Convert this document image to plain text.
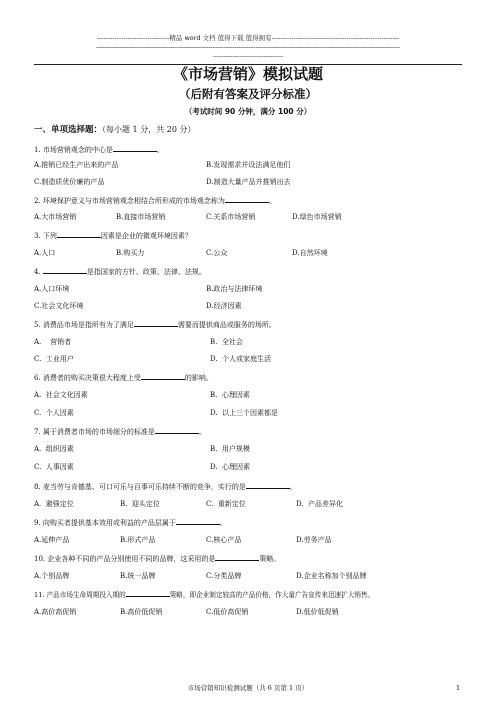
---------------------------------精品 word 文档 值得下载 值得拥有----------------------------------------------------------
----------------------------------------------------------------------------------------------------------------------------------------------------------------
--------------------------------
《市场营销》模拟试题
（后附有答案及评分标准）
（考试时间 90 分钟，满分 100 分）
一、单项选择题：（每小题 1 分，共 20 分）
1. 市场营销观念的中心是	。
A.推销已经生产出来的产品	B.发现需求并设法满足他们
C.制造质优价廉的产品	D.制造大量产品并推销出去
2. 环境保护意义与市场营销观念相结合所形成的市场观念称为	。
A.大市场营销	B.直接市场营销	C.关系市场营销	D.绿色市场营销
3. 下列	因素是企业的微观环境因素？
A.人口	B.购买力	C.公众	D.自然环境
4.	是指国家的方针、政策、法律、法规。
A.人口环境	B.政治与法律环境
C.社会文化环境	D.经济因素
5. 消费品市场是指所有为了满足	需要而提供商品或服务的场所。
A.    营销者	B.  全社会
C.  工业用户	D.  个人或家庭生活
6. 消费者的购买决策很大程度上受	的影响。
A.  社会文化因素	B.  心理因素
C.  个人因素	D.  以上三个因素都是
7. 属于消费者市场的市场细分的标准是	。
A.  组织因素	B.  用户规模
C.  人事因素	D.  心理因素
8. 麦当劳与肯德基、可口可乐与百事可乐持续不断的竞争，实行的是	。
A.  避强定位	B.  迎头定位	C.  重新定位	D.  产品差异化
9. 向购买者提供基本效用或利益的产品层属于	。
A.延伸产品	B.形式产品	C.核心产品	D.劳务产品
10. 企业各种不同的产品分别使用不同的品牌，这采用的是	策略。
A.个别品牌	B.统一品牌	C.分类品牌	D.企业名称加个别品牌
11. 产品市场生命周期投入期的	策略，即企业制定较高的产品价格，作大量广告宣传来迅速扩大销售。
A.高价高促销	B.高价低促销	C.低价高促销	D.低价低促销
市场营销知识检测试题（共 6 页第 1 页）	1
